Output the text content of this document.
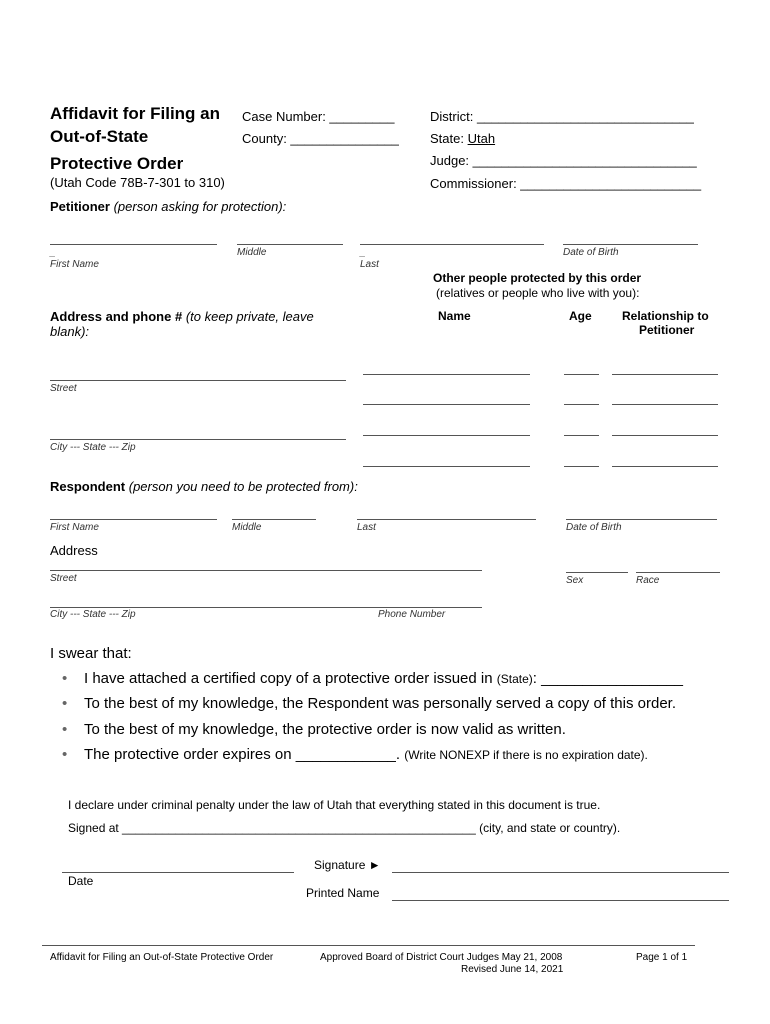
Affidavit for Filing an
Out-of-State
Protective Order
(Utah Code 78B-7-301 to 310)
Case Number: _________
County: _______________
District: ______________________________
State: Utah
Judge: _______________________________
Commissioner: _________________________
Petitioner (person asking for protection):
_
First Name
Middle	_
Last
Date of Birth
Other people protected by this order
(relatives or people who live with you):
Name	Age	Relationship to
Petitioner
Address and phone # (to keep private, leave
blank):
Street
City --- State --- Zip
Respondent (person you need to be protected from):
First Name	Middle	Last	Date of Birth
Address
Street	Sex	Race
City --- State --- Zip	Phone Number
I swear that:
• I have attached a certified copy of a protective order issued in (State): _________________
• To the best of my knowledge, the Respondent was personally served a copy of this order.
• To the best of my knowledge, the protective order is now valid as written.
• The protective order expires on ____________. (Write NONEXP if there is no expiration date).
I declare under criminal penalty under the law of Utah that everything stated in this document is true.
Signed at _____________________________________________________ (city, and state or country).
Date
Signature ►
Printed Name
Affidavit for Filing an Out-of-State Protective Order	Approved Board of District Court Judges May 21, 2008
Revised June 14, 2021
Page 1 of 1
